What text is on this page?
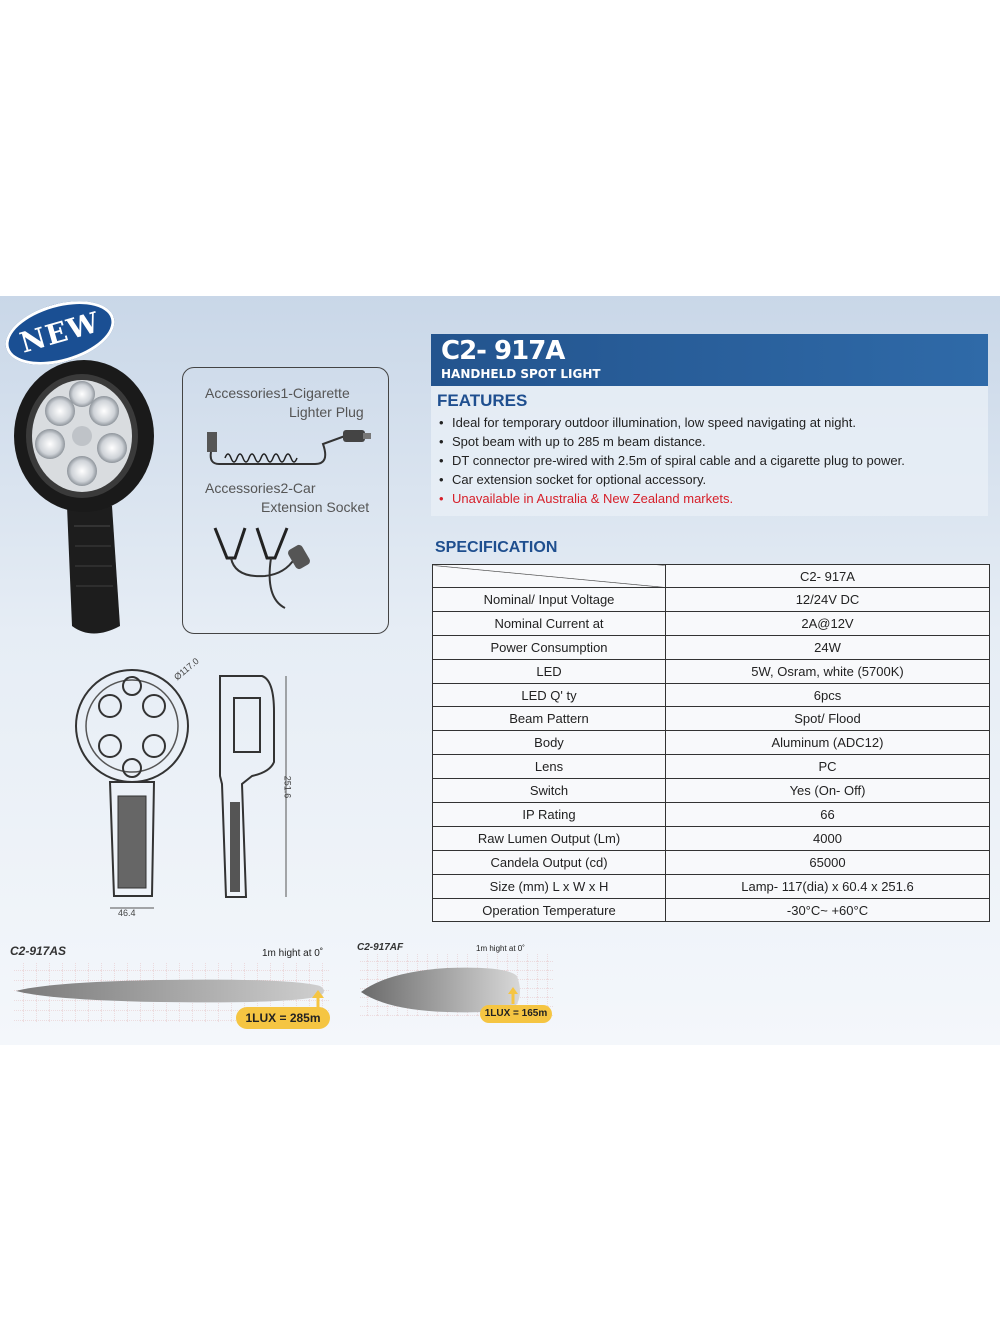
NEW
Accessories1-Cigarette
Lighter Plug
Accessories2-Car
Extension Socket
Ø117.0
46.4
251.6
C2- 917A
HANDHELD SPOT LIGHT
FEATURES
• Ideal for temporary outdoor illumination, low speed navigating at night.
• Spot beam with up to 285 m beam distance.
• DT connector pre-wired with 2.5m of spiral cable and a cigarette plug to power.
• Car extension socket for optional accessory.
• Unavailable in Australia & New Zealand markets.
SPECIFICATION
	C2- 917A
Nominal/ Input Voltage	12/24V DC
Nominal Current at	2A@12V
Power Consumption	24W
LED	5W, Osram, white (5700K)
LED Q' ty	6pcs
Beam Pattern	Spot/ Flood
Body	Aluminum (ADC12)
Lens	PC
Switch	Yes (On- Off)
IP Rating	66
Raw Lumen Output (Lm)	4000
Candela Output (cd)	65000
Size (mm) L x W x H	Lamp- 117(dia) x 60.4 x 251.6
Operation Temperature	-30°C~ +60°C
C2-917AS	1m hight at 0˚
1LUX = 285m
C2-917AF	1m hight at 0˚
1LUX = 165m
